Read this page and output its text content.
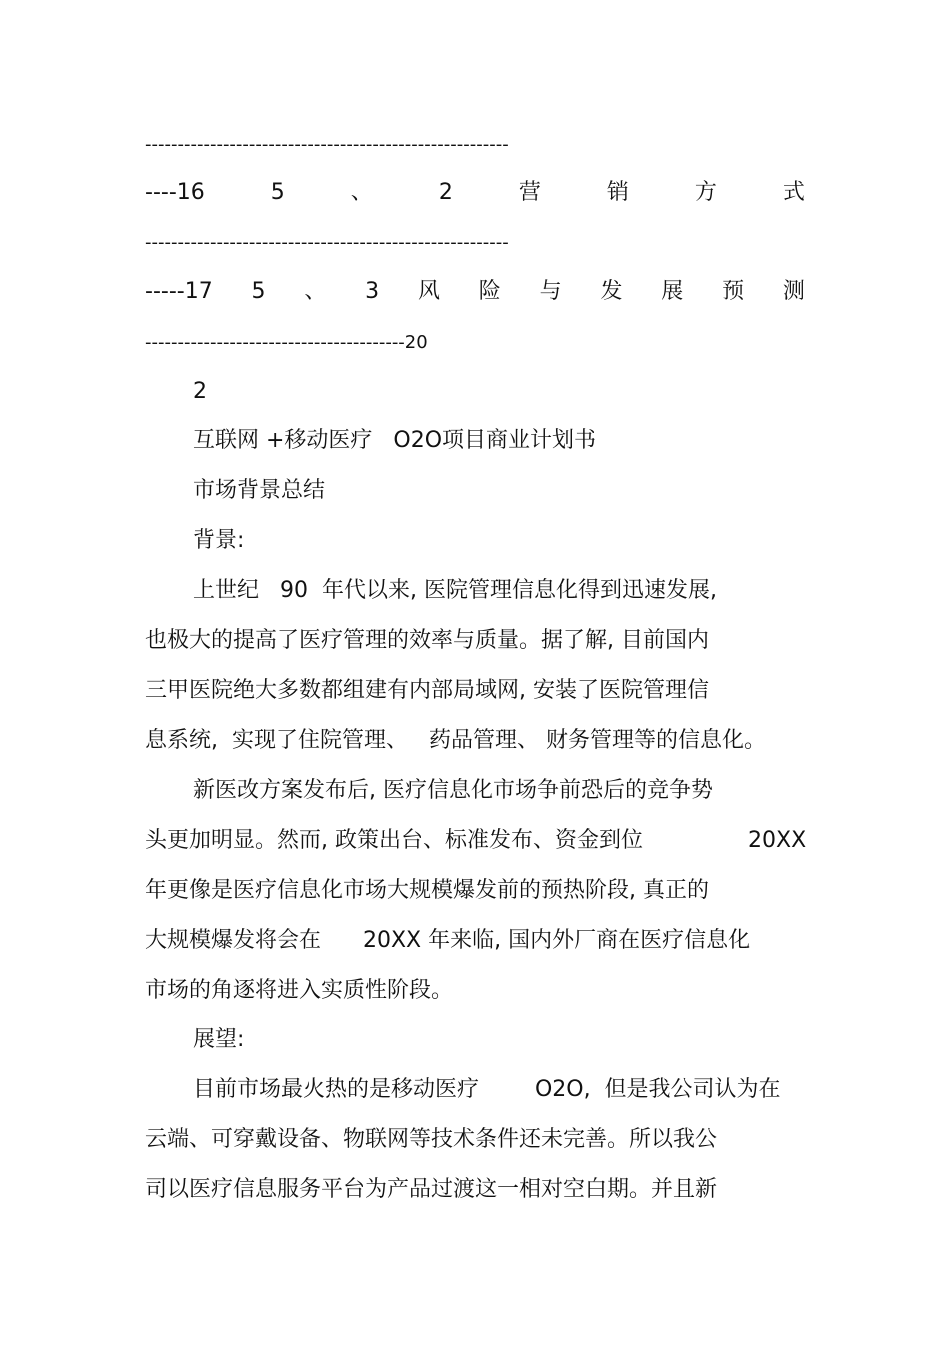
--------------------------------------------------------
----16	5	、	2	营	销	方	式
--------------------------------------------------------
-----17 5 、 3 风 险 与 发 展 预 测
----------------------------------------20
2
互联网 +移动医疗   O2O项目商业计划书
市场背景总结
背景:
上世纪   90  年代以来, 医院管理信息化得到迅速发展,
也极大的提高了医疗管理的效率与质量。据了解, 目前国内
三甲医院绝大多数都组建有内部局域网, 安装了医院管理信
息系统,  实现了住院管理、   药品管理、 财务管理等的信息化。
新医改方案发布后, 医疗信息化市场争前恐后的竞争势
头更加明显。然而, 政策出台、标准发布、资金到位	20XX
年更像是医疗信息化市场大规模爆发前的预热阶段, 真正的
大规模爆发将会在      20XX 年来临, 国内外厂商在医疗信息化
市场的角逐将进入实质性阶段。
展望:
目前市场最火热的是移动医疗        O2O,  但是我公司认为在
云端、可穿戴设备、物联网等技术条件还未完善。所以我公
司以医疗信息服务平台为产品过渡这一相对空白期。并且新
